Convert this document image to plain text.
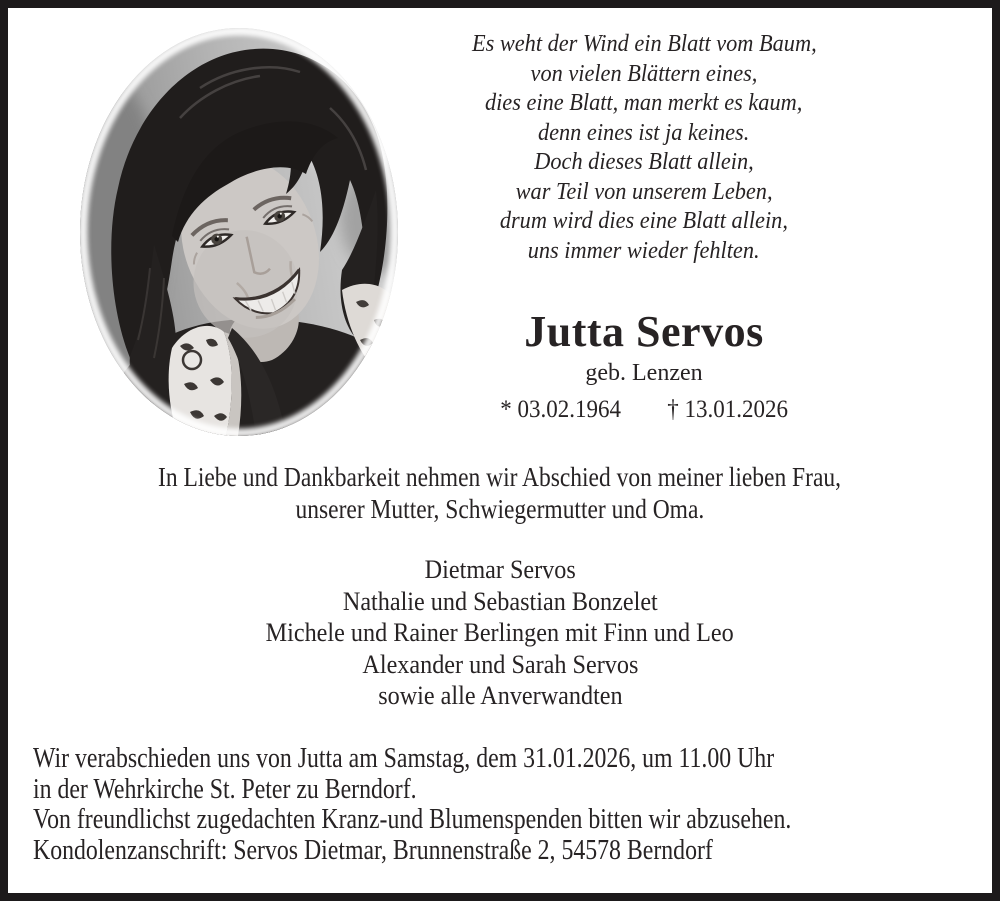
Es weht der Wind ein Blatt vom Baum,
von vielen Blättern eines,
dies eine Blatt, man merkt es kaum,
denn eines ist ja keines.
Doch dieses Blatt allein,
war Teil von unserem Leben,
drum wird dies eine Blatt allein,
uns immer wieder fehlten.
Jutta Servos
geb. Lenzen
* 03.02.1964 † 13.01.2026
In Liebe und Dankbarkeit nehmen wir Abschied von meiner lieben Frau,
unserer Mutter, Schwiegermutter und Oma.
Dietmar Servos
Nathalie und Sebastian Bonzelet
Michele und Rainer Berlingen mit Finn und Leo
Alexander und Sarah Servos
sowie alle Anverwandten
Wir verabschieden uns von Jutta am Samstag, dem 31.01.2026, um 11.00 Uhr
in der Wehrkirche St. Peter zu Berndorf.
Von freundlichst zugedachten Kranz-und Blumenspenden bitten wir abzusehen.
Kondolenzanschrift: Servos Dietmar, Brunnenstraße 2, 54578 Berndorf
